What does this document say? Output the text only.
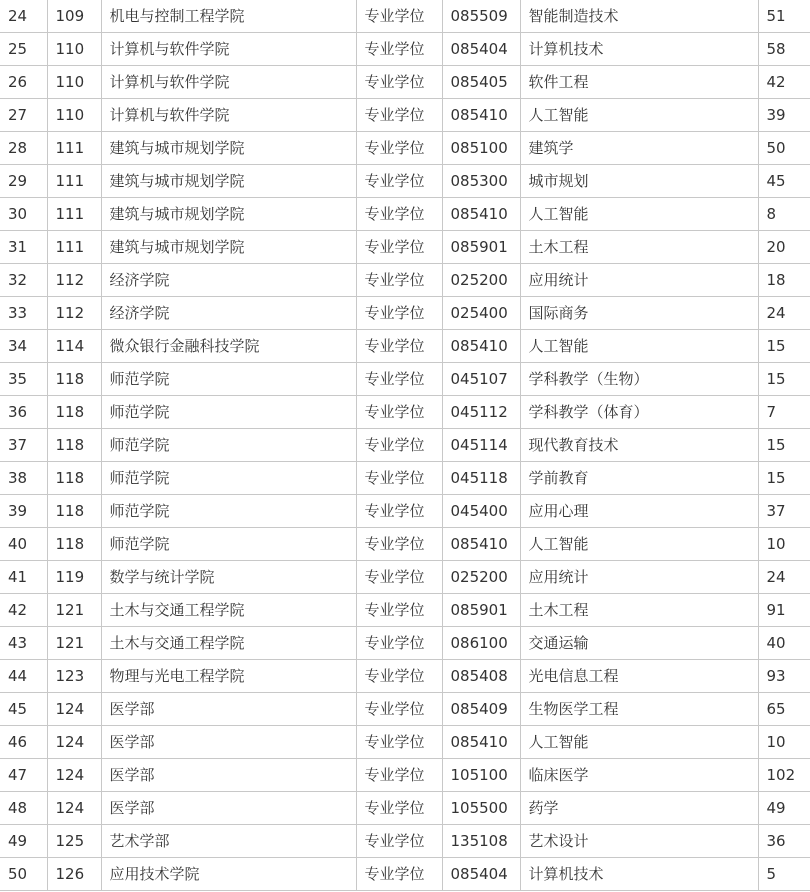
24	109	机电与控制工程学院	专业学位	085509	智能制造技术	51
25	110	计算机与软件学院	专业学位	085404	计算机技术	58
26	110	计算机与软件学院	专业学位	085405	软件工程	42
27	110	计算机与软件学院	专业学位	085410	人工智能	39
28	111	建筑与城市规划学院	专业学位	085100	建筑学	50
29	111	建筑与城市规划学院	专业学位	085300	城市规划	45
30	111	建筑与城市规划学院	专业学位	085410	人工智能	8
31	111	建筑与城市规划学院	专业学位	085901	土木工程	20
32	112	经济学院	专业学位	025200	应用统计	18
33	112	经济学院	专业学位	025400	国际商务	24
34	114	微众银行金融科技学院	专业学位	085410	人工智能	15
35	118	师范学院	专业学位	045107	学科教学（生物）	15
36	118	师范学院	专业学位	045112	学科教学（体育）	7
37	118	师范学院	专业学位	045114	现代教育技术	15
38	118	师范学院	专业学位	045118	学前教育	15
39	118	师范学院	专业学位	045400	应用心理	37
40	118	师范学院	专业学位	085410	人工智能	10
41	119	数学与统计学院	专业学位	025200	应用统计	24
42	121	土木与交通工程学院	专业学位	085901	土木工程	91
43	121	土木与交通工程学院	专业学位	086100	交通运输	40
44	123	物理与光电工程学院	专业学位	085408	光电信息工程	93
45	124	医学部	专业学位	085409	生物医学工程	65
46	124	医学部	专业学位	085410	人工智能	10
47	124	医学部	专业学位	105100	临床医学	102
48	124	医学部	专业学位	105500	药学	49
49	125	艺术学部	专业学位	135108	艺术设计	36
50	126	应用技术学院	专业学位	085404	计算机技术	5
